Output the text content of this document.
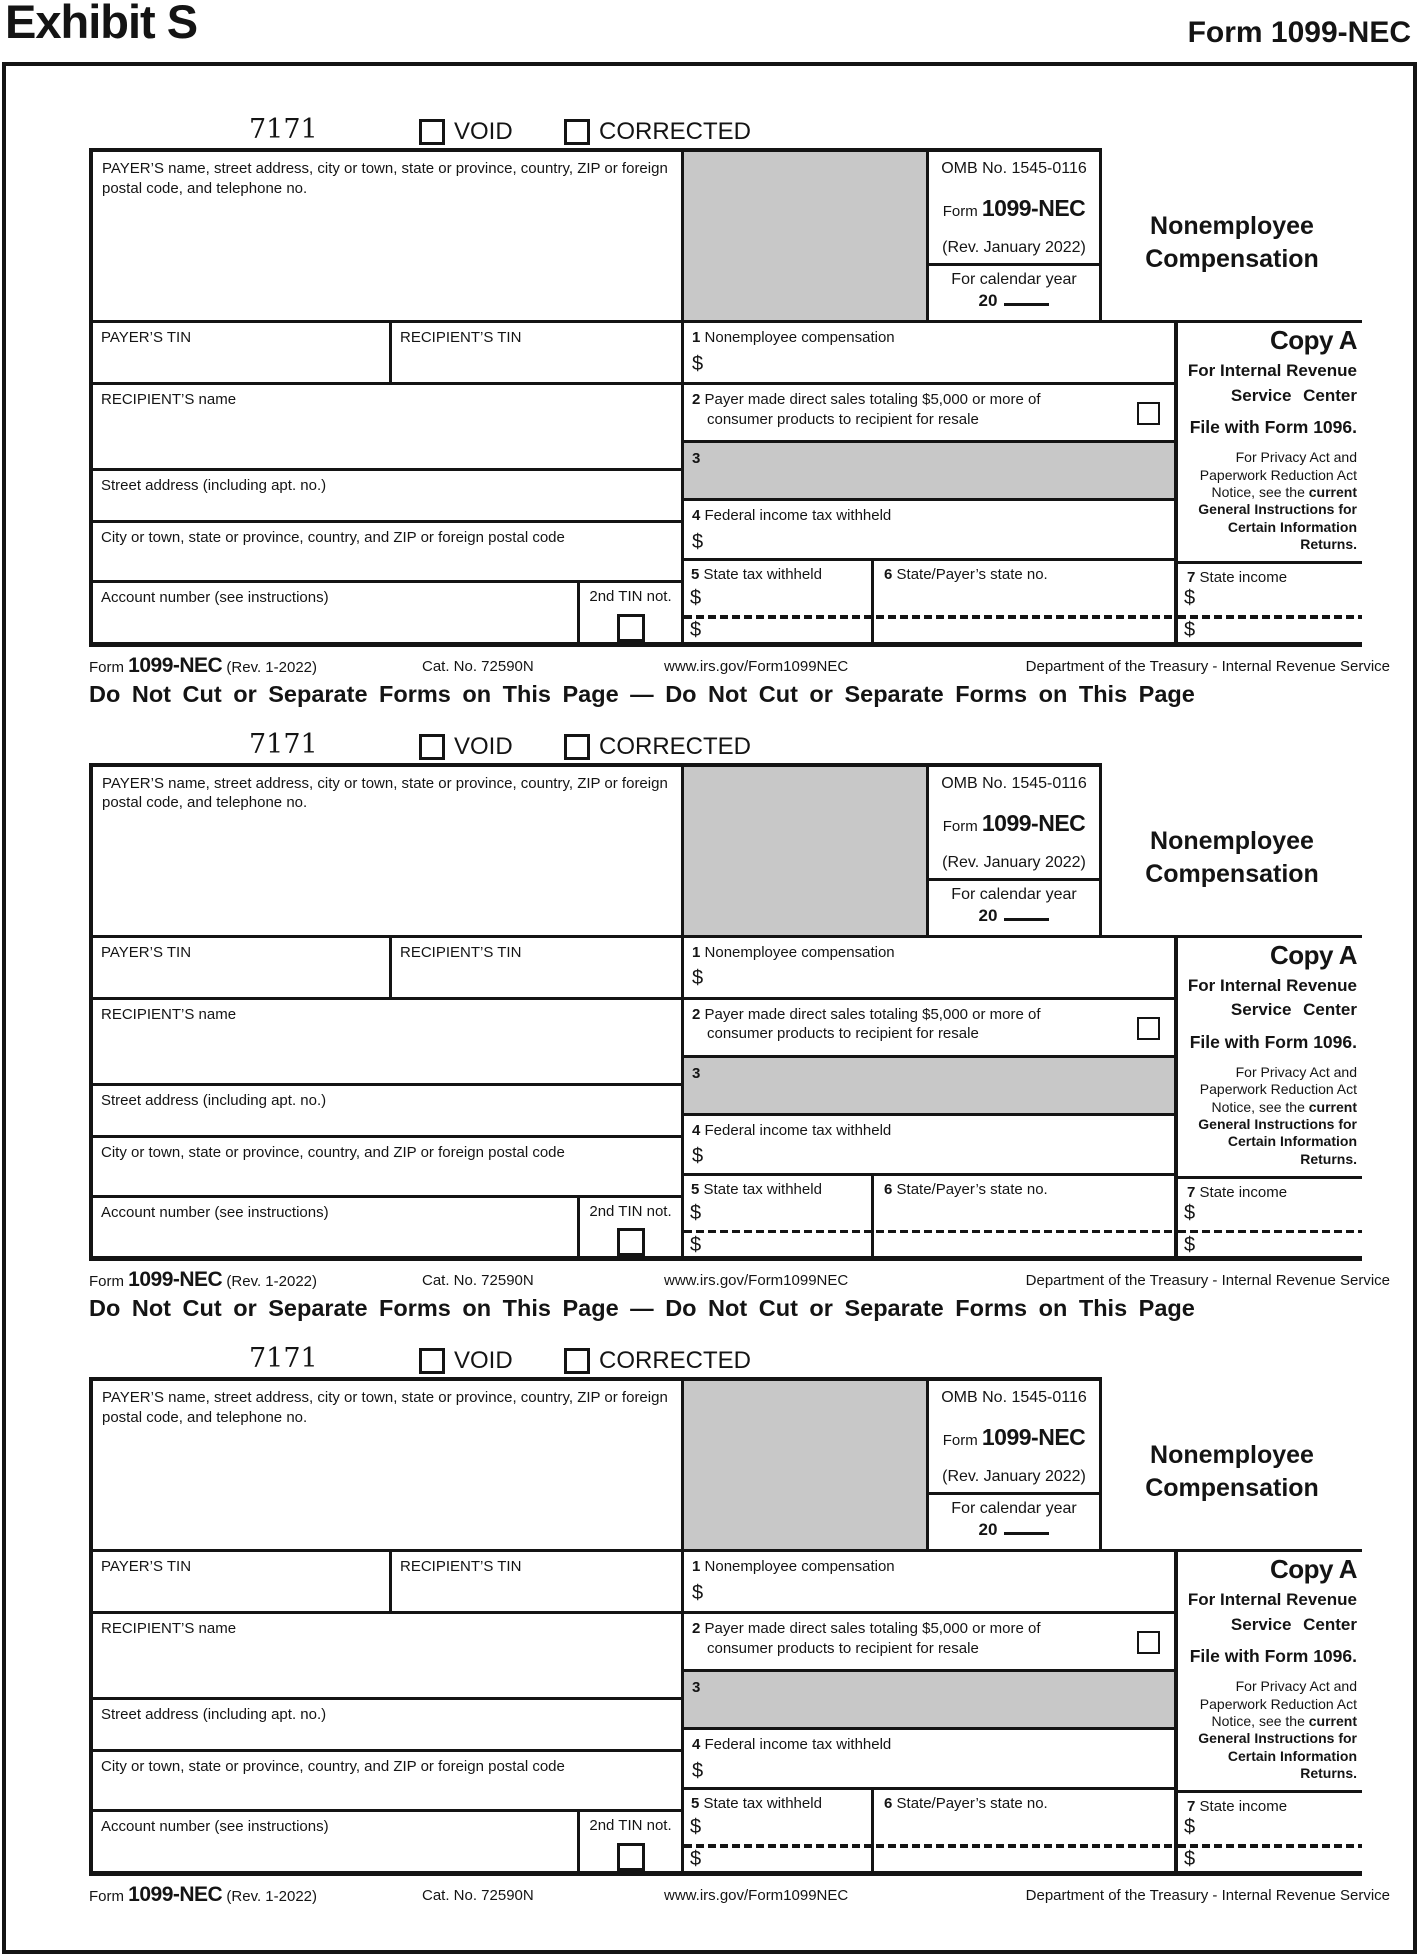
Exhibit S	Form 1099-NEC
7171	VOID	CORRECTED
PAYER’S name, street address, city or town, state or province, country, ZIP or foreign postal code, and telephone no.
OMB No. 1545-0116
Form 1099-NEC
(Rev. January 2022)
For calendar year
20
Nonemployee
Compensation
PAYER’S TIN	RECIPIENT’S TIN
RECIPIENT’S name
Street address (including apt. no.)
City or town, state or province, country, and ZIP or foreign postal code
Account number (see instructions)	2nd TIN not.
1 Nonemployee compensation
$
2 Payer made direct sales totaling $5,000 or more of
consumer products to recipient for resale
3
4 Federal income tax withheld
$
5 State tax withheld
$
$
6 State/Payer’s state no.
Copy A
For Internal Revenue
Service Center
File with Form 1096.
For Privacy Act and Paperwork Reduction Act Notice, see the current General Instructions for Certain Information Returns.
7 State income
$
$
Form 1099-NEC (Rev. 1-2022)	Cat. No. 72590N	www.irs.gov/Form1099NEC	Department of the Treasury - Internal Revenue Service
Do Not Cut or Separate Forms on This Page — Do Not Cut or Separate Forms on This Page
7171	VOID	CORRECTED
PAYER’S name, street address, city or town, state or province, country, ZIP or foreign postal code, and telephone no.
OMB No. 1545-0116
Form 1099-NEC
(Rev. January 2022)
For calendar year
20
Nonemployee
Compensation
PAYER’S TIN	RECIPIENT’S TIN
RECIPIENT’S name
Street address (including apt. no.)
City or town, state or province, country, and ZIP or foreign postal code
Account number (see instructions)	2nd TIN not.
1 Nonemployee compensation
$
2 Payer made direct sales totaling $5,000 or more of
consumer products to recipient for resale
3
4 Federal income tax withheld
$
5 State tax withheld
$
$
6 State/Payer’s state no.
Copy A
For Internal Revenue
Service Center
File with Form 1096.
For Privacy Act and Paperwork Reduction Act Notice, see the current General Instructions for Certain Information Returns.
7 State income
$
$
Form 1099-NEC (Rev. 1-2022)	Cat. No. 72590N	www.irs.gov/Form1099NEC	Department of the Treasury - Internal Revenue Service
Do Not Cut or Separate Forms on This Page — Do Not Cut or Separate Forms on This Page
7171	VOID	CORRECTED
PAYER’S name, street address, city or town, state or province, country, ZIP or foreign postal code, and telephone no.
OMB No. 1545-0116
Form 1099-NEC
(Rev. January 2022)
For calendar year
20
Nonemployee
Compensation
PAYER’S TIN	RECIPIENT’S TIN
RECIPIENT’S name
Street address (including apt. no.)
City or town, state or province, country, and ZIP or foreign postal code
Account number (see instructions)	2nd TIN not.
1 Nonemployee compensation
$
2 Payer made direct sales totaling $5,000 or more of
consumer products to recipient for resale
3
4 Federal income tax withheld
$
5 State tax withheld
$
$
6 State/Payer’s state no.
Copy A
For Internal Revenue
Service Center
File with Form 1096.
For Privacy Act and Paperwork Reduction Act Notice, see the current General Instructions for Certain Information Returns.
7 State income
$
$
Form 1099-NEC (Rev. 1-2022)	Cat. No. 72590N	www.irs.gov/Form1099NEC	Department of the Treasury - Internal Revenue Service
